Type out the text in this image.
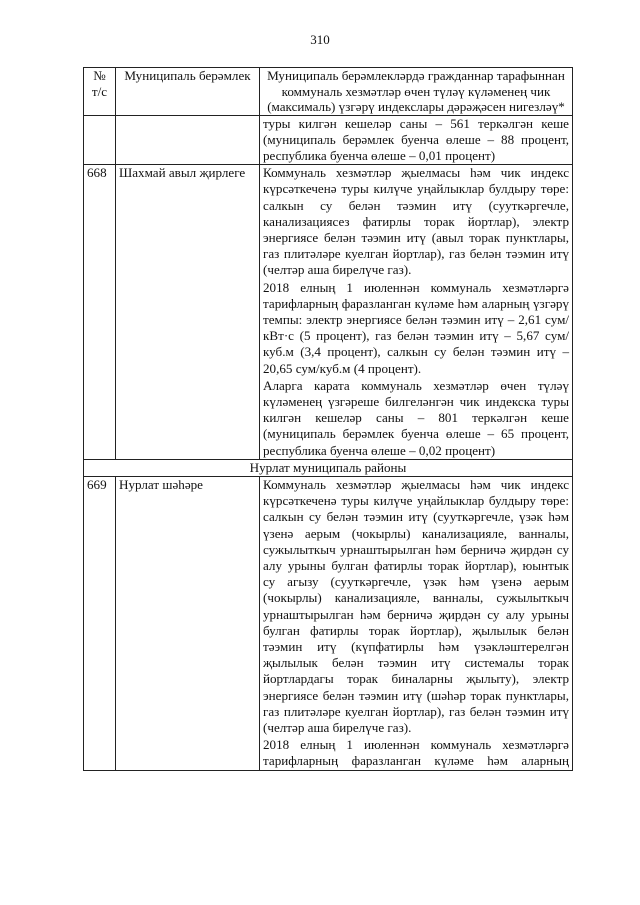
310
№ т/с	Муниципаль берәмлек	Муниципаль берәмлекләрдә гражданнар тарафыннан коммуналь хезмәтләр өчен түләү күләменең чик (максималь) үзгәрү индекслары дәрәҗәсен нигезләү*

		туры килгән кешеләр саны – 561 теркәлгән кеше (муниципаль берәмлек буенча өлеше – 88 процент, республика буенча өлеше – 0,01 процент)

668	Шахмай авыл җирлеге	Коммуналь хезмәтләр җыелмасы һәм чик индекс күрсәткеченә туры килүче уңайлыклар булдыру төре: салкын су белән тәэмин итү (сууткәргечле, канализациясез фатирлы торак йортлар), электр энергиясе белән тәэмин итү (авыл торак пунктлары, газ плитәләре куелган йортлар), газ белән тәэмин итү (челтәр аша бирелүче газ).

2018 елның 1 июленнән коммуналь хезмәтләргә тарифларның фаразланган күләме һәм аларның үзгәрү темпы: электр энергиясе белән тәэмин итү – 2,61 сум/кВт·с (5 процент), газ белән тәэмин итү – 5,67 сум/куб.м (3,4 процент), салкын су белән тәэмин итү – 20,65 сум/куб.м (4 процент).

Аларга карата коммуналь хезмәтләр өчен түләү күләменең үзгәреше билгеләнгән чик индекска туры килгән кешеләр саны – 801 теркәлгән кеше (муниципаль берәмлек буенча өлеше – 65 процент, республика буенча өлеше – 0,02 процент)

Нурлат муниципаль районы		
669	Нурлат шәһәре	Коммуналь хезмәтләр җыелмасы һәм чик индекс күрсәткеченә туры килүче уңайлыклар булдыру төре: салкын су белән тәэмин итү (сууткәргечле, үзәк һәм үзенә аерым (чокырлы) канализацияле, ванналы, сужылыткыч урнаштырылган һәм берничә җирдән су алу урыны булган фатирлы торак йортлар), юынтык су агызу (сууткәргечле, үзәк һәм үзенә аерым (чокырлы) канализацияле, ванналы, сужылыткыч урнаштырылган һәм берничә җирдән су алу урыны булган фатирлы торак йортлар), җылылык белән тәэмин итү (күпфатирлы һәм үзәкләштерелгән җылылык белән тәэмин итү системалы торак йортлардагы торак биналарны җылыту), электр энергиясе белән тәэмин итү (шәһәр торак пунктлары, газ плитәләре куелган йортлар), газ белән тәэмин итү (челтәр аша бирелүче газ).

2018 елның 1 июленнән коммуналь хезмәтләргә тарифларның фаразланган күләме һәм аларның
